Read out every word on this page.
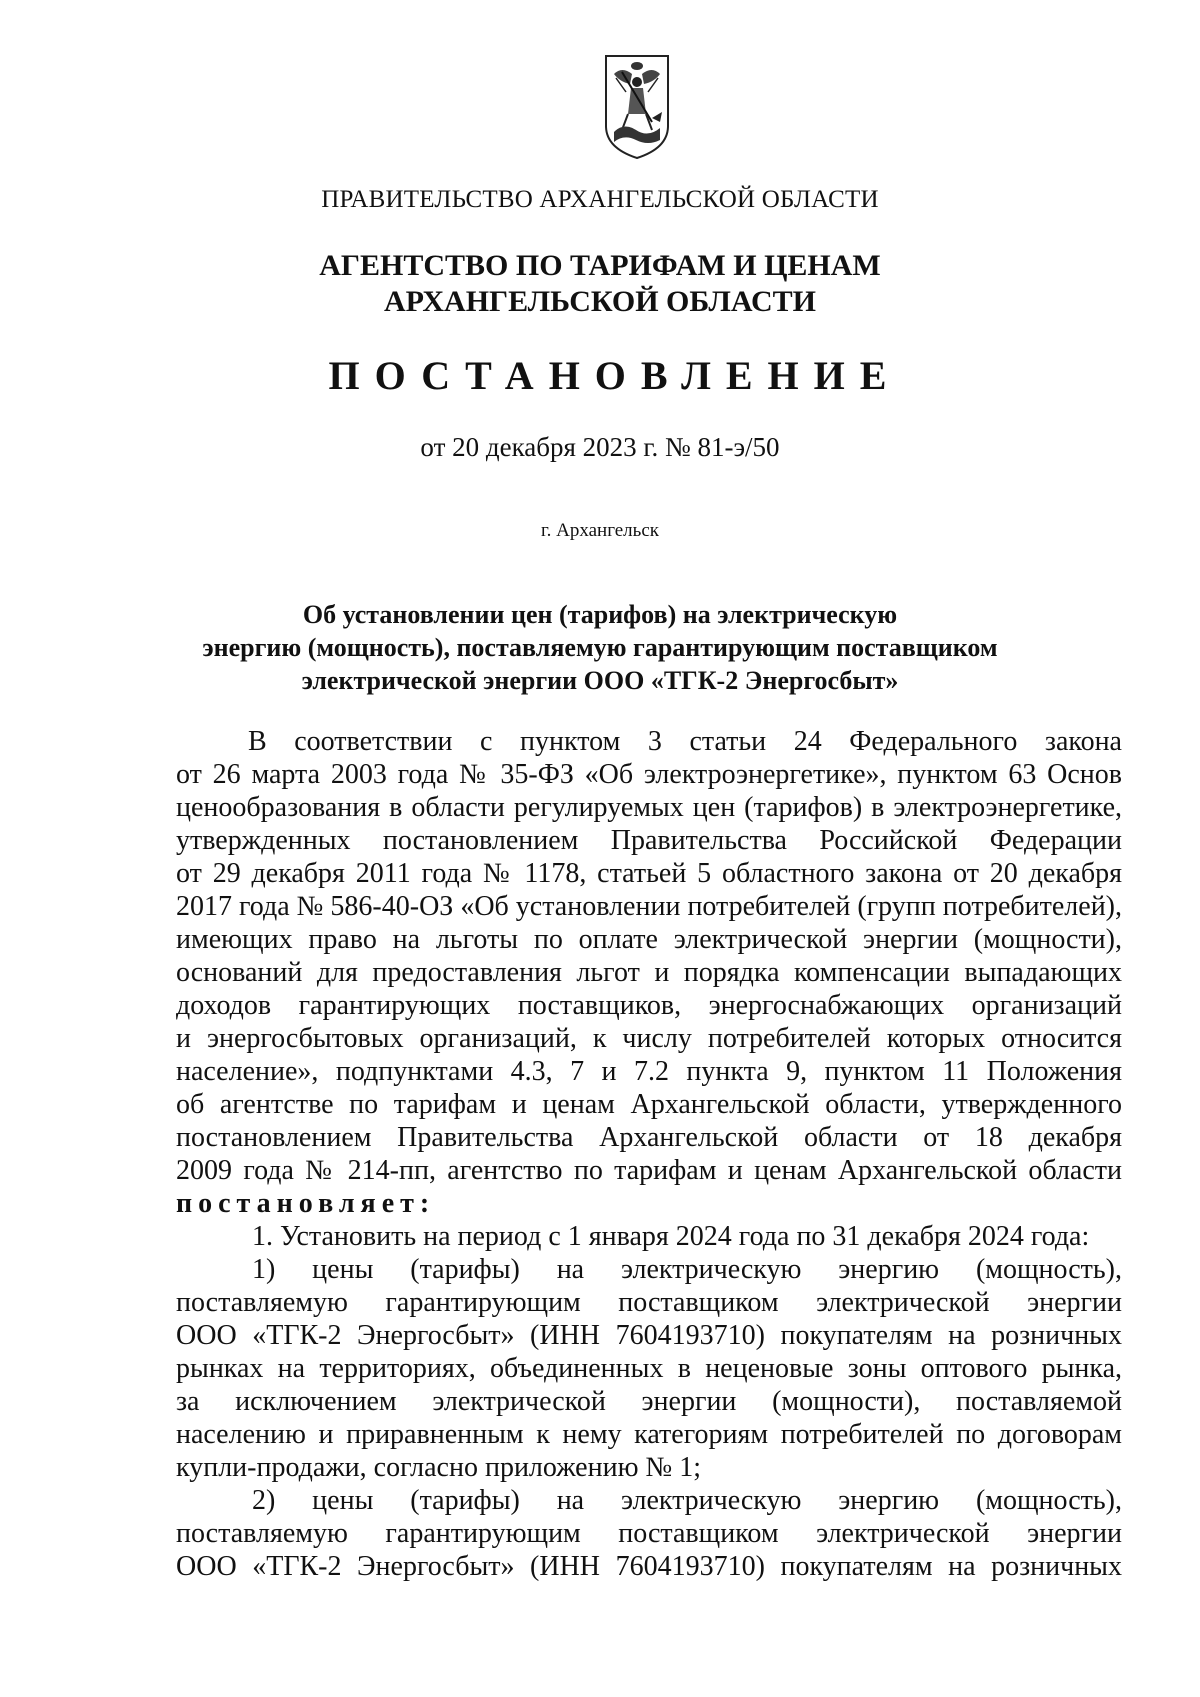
ПРАВИТЕЛЬСТВО АРХАНГЕЛЬСКОЙ ОБЛАСТИ
АГЕНТСТВО ПО ТАРИФАМ И ЦЕНАМ
АРХАНГЕЛЬСКОЙ ОБЛАСТИ
ПОСТАНОВЛЕНИЕ
от 20 декабря 2023 г. № 81-э/50
г. Архангельск
Об установлении цен (тарифов) на электрическую
энергию (мощность), поставляемую гарантирующим поставщиком
электрической энергии ООО «ТГК-2 Энергосбыт»
В соответствии с пунктом 3 статьи 24 Федерального закона
от 26 марта 2003 года № 35-ФЗ «Об электроэнергетике», пунктом 63 Основ
ценообразования в области регулируемых цен (тарифов) в электроэнергетике,
утвержденных постановлением Правительства Российской Федерации
от 29 декабря 2011 года № 1178, статьей 5 областного закона от 20 декабря
2017 года № 586-40-ОЗ «Об установлении потребителей (групп потребителей),
имеющих право на льготы по оплате электрической энергии (мощности),
оснований для предоставления льгот и порядка компенсации выпадающих
доходов гарантирующих поставщиков, энергоснабжающих организаций
и энергосбытовых организаций, к числу потребителей которых относится
население», подпунктами 4.3, 7 и 7.2 пункта 9, пунктом 11 Положения
об агентстве по тарифам и ценам Архангельской области, утвержденного
постановлением Правительства Архангельской области от 18 декабря
2009 года № 214-пп, агентство по тарифам и ценам Архангельской области
постановляет:
1. Установить на период с 1 января 2024 года по 31 декабря 2024 года:
1) цены (тарифы) на электрическую энергию (мощность),
поставляемую гарантирующим поставщиком электрической энергии
ООО «ТГК-2 Энергосбыт» (ИНН 7604193710) покупателям на розничных
рынках на территориях, объединенных в неценовые зоны оптового рынка,
за исключением электрической энергии (мощности), поставляемой
населению и приравненным к нему категориям потребителей по договорам
купли-продажи, согласно приложению № 1;
2) цены (тарифы) на электрическую энергию (мощность),
поставляемую гарантирующим поставщиком электрической энергии
ООО «ТГК-2 Энергосбыт» (ИНН 7604193710) покупателям на розничных
